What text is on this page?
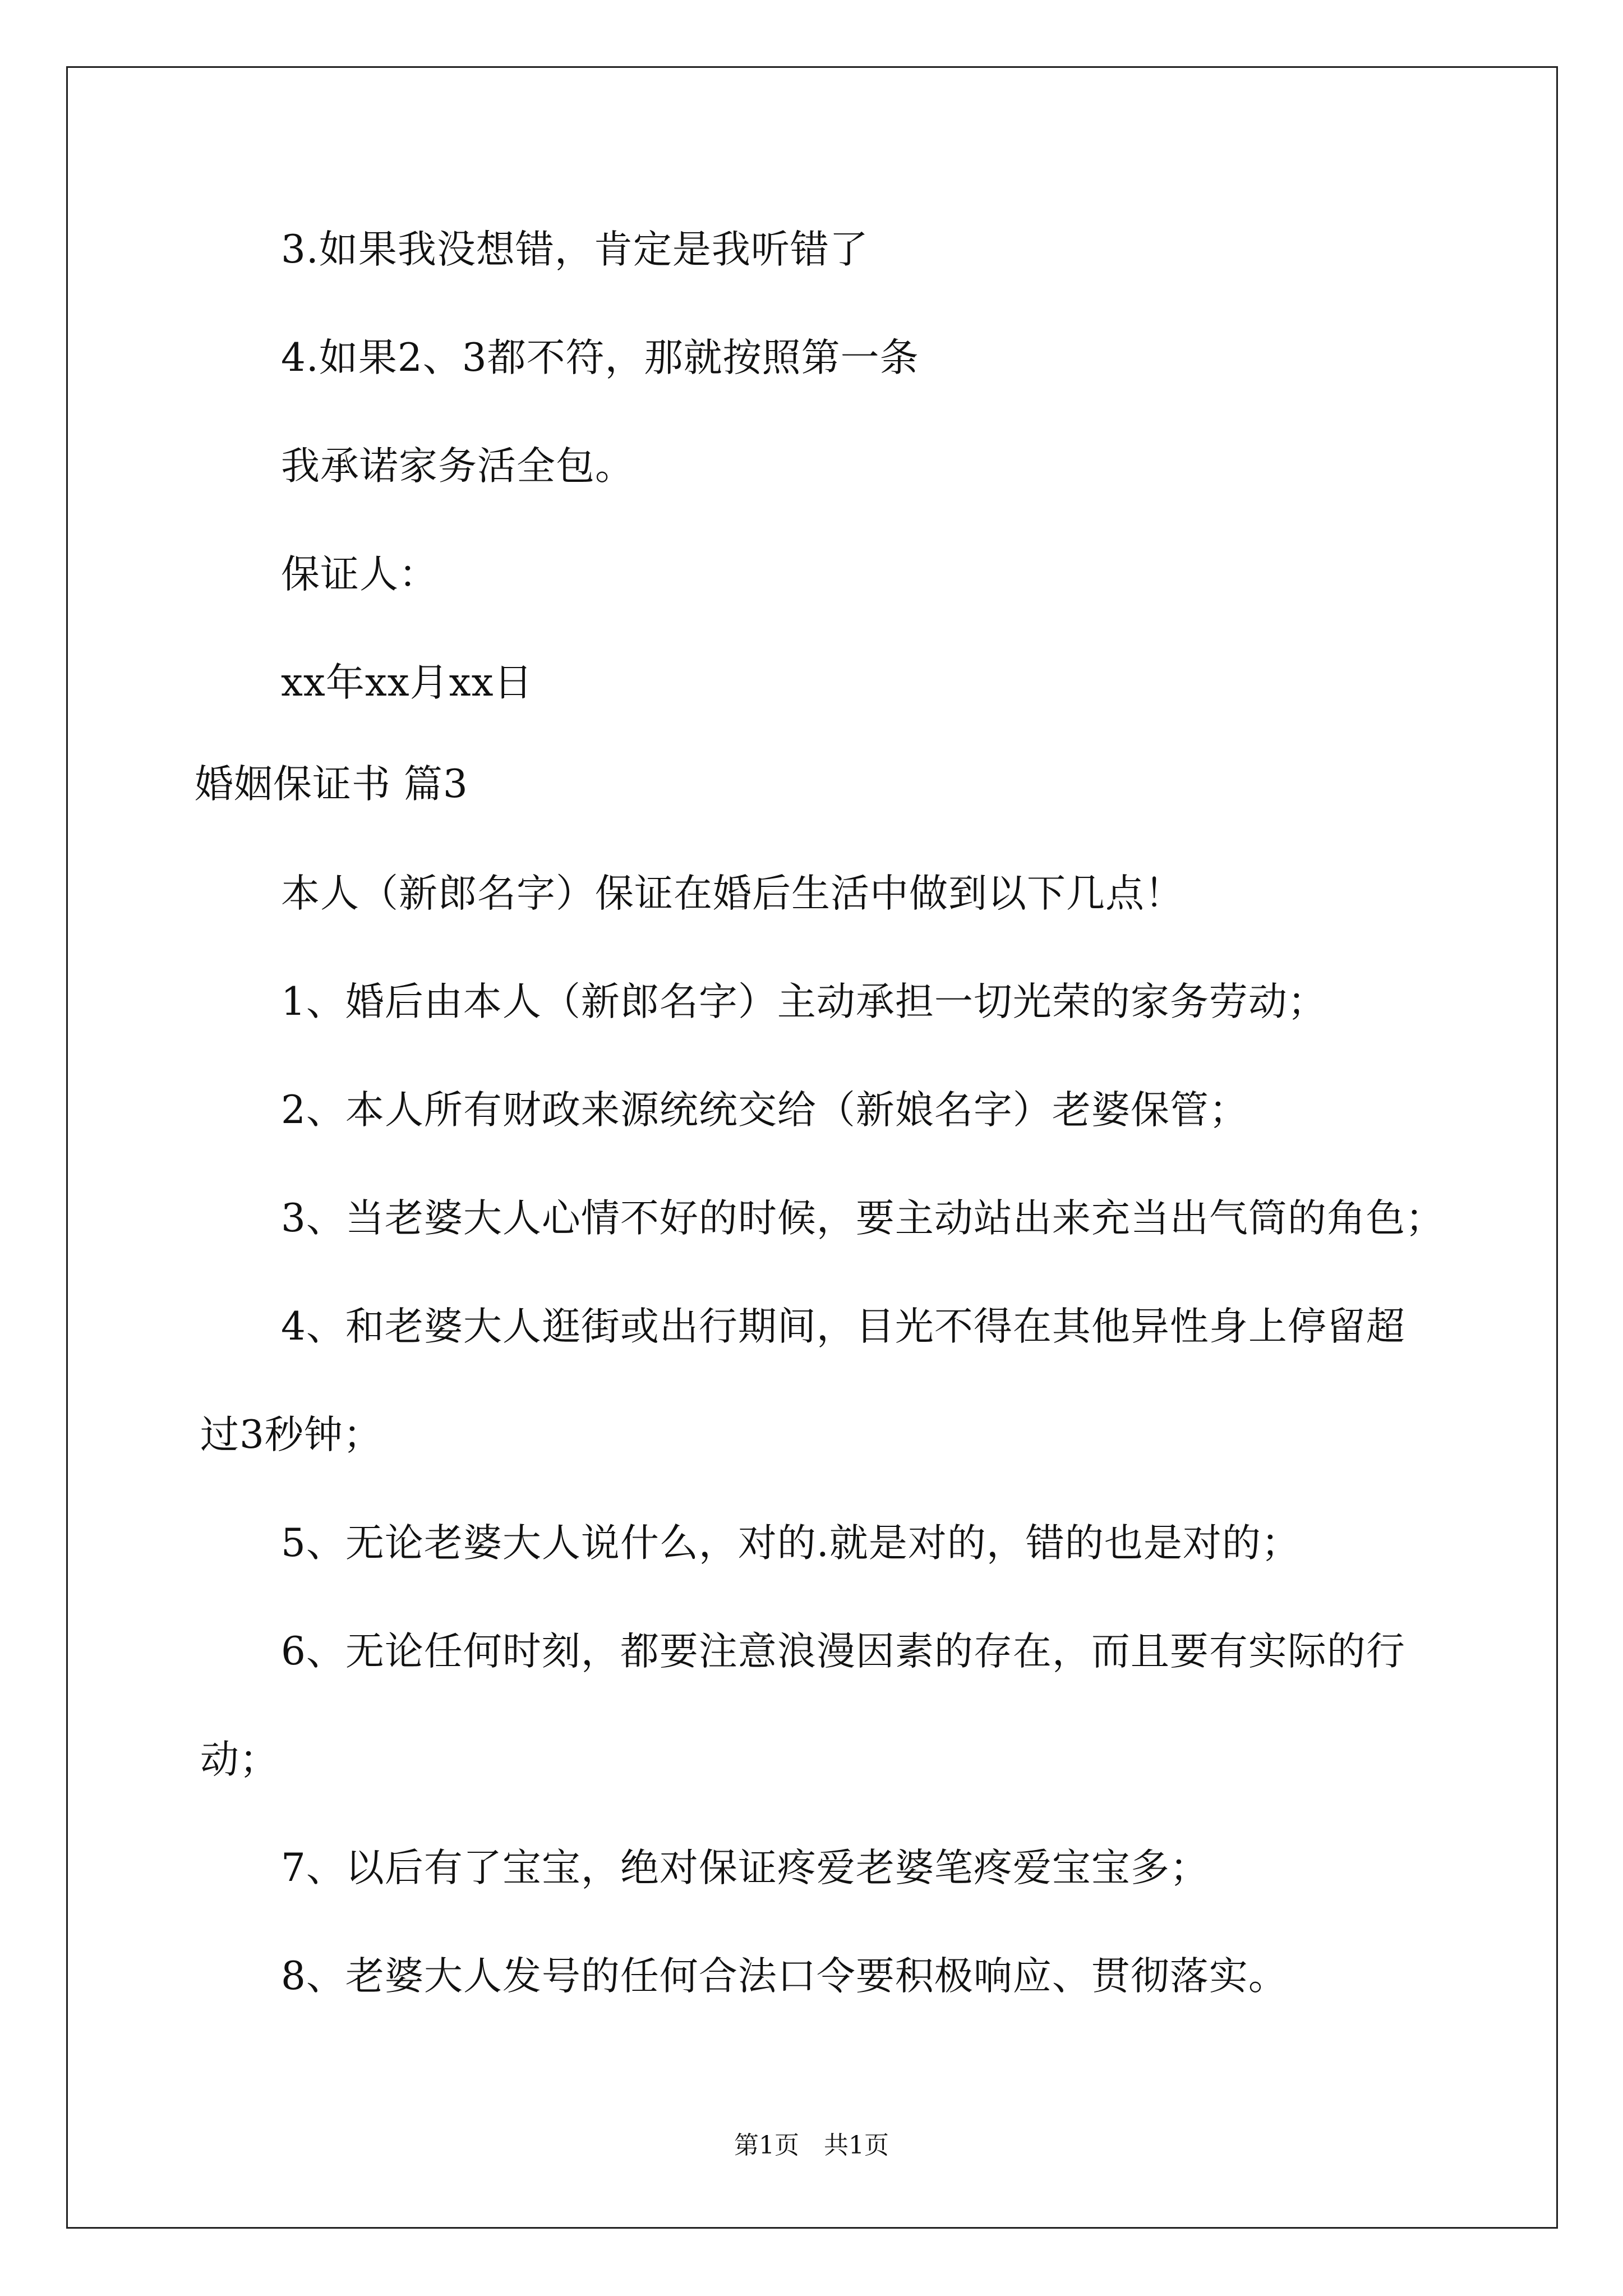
3.如果我没想错，肯定是我听错了
4.如果2、3都不符，那就按照第一条
我承诺家务活全包。
保证人：
xx年xx月xx日
婚姻保证书 篇3
本人（新郎名字）保证在婚后生活中做到以下几点！
1、婚后由本人（新郎名字）主动承担一切光荣的家务劳动；
2、本人所有财政来源统统交给（新娘名字）老婆保管；
3、当老婆大人心情不好的时候，要主动站出来充当出气筒的角色；
4、和老婆大人逛街或出行期间，目光不得在其他异性身上停留超
过3秒钟；
5、无论老婆大人说什么，对的.就是对的，错的也是对的；
6、无论任何时刻，都要注意浪漫因素的存在，而且要有实际的行
动；
7、以后有了宝宝，绝对保证疼爱老婆笔疼爱宝宝多；
8、老婆大人发号的任何合法口令要积极响应、贯彻落实。
第1页　共1页
